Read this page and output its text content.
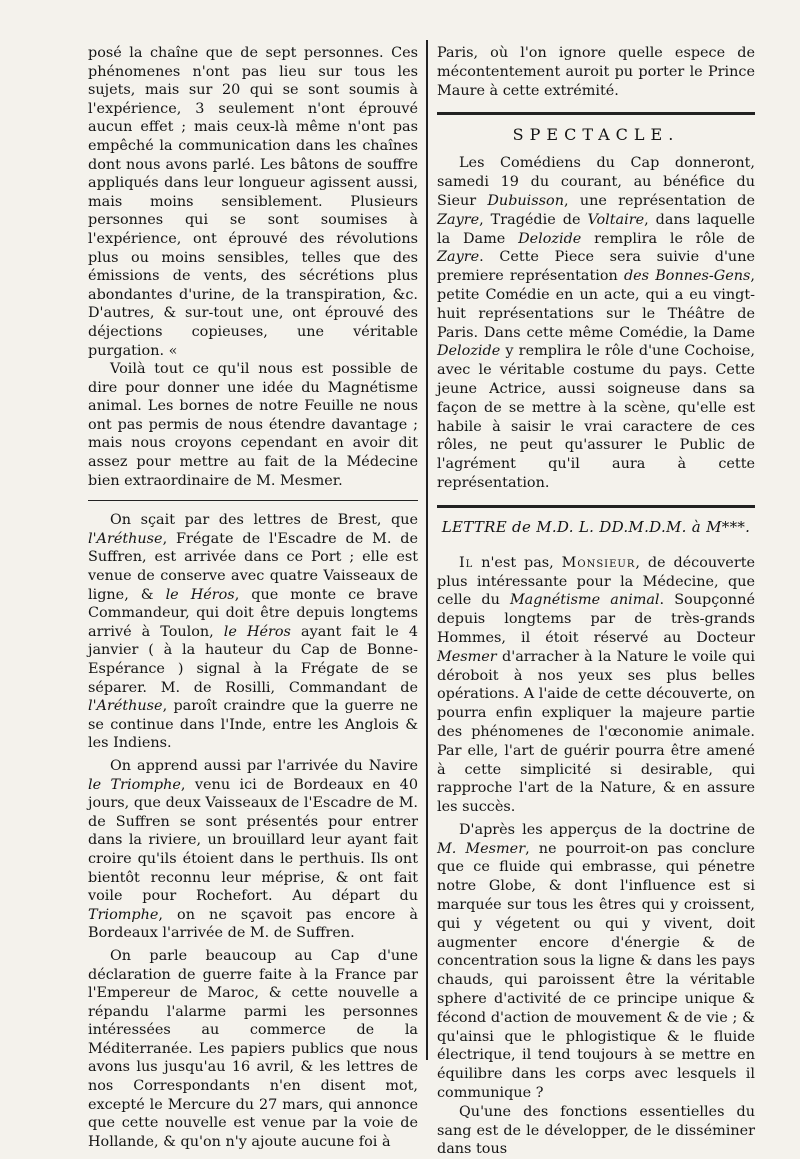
posé la chaîne que de sept personnes. Ces phénomenes n'ont pas lieu sur tous les sujets, mais sur 20 qui se sont soumis à l'expérience, 3 seulement n'ont éprouvé aucun effet ; mais ceux-là même n'ont pas empêché la communication dans les chaînes dont nous avons parlé. Les bâtons de souffre appliqués dans leur longueur agissent aussi, mais moins sensiblement. Plusieurs personnes qui se sont soumises à l'expérience, ont éprouvé des révolutions plus ou moins sensibles, telles que des émissions de vents, des sécrétions plus abondantes d'urine, de la transpiration, &c. D'autres, & sur-tout une, ont éprouvé des déjections copieuses, une véritable purgation. «

Voilà tout ce qu'il nous est possible de dire pour donner une idée du Magnétisme animal. Les bornes de notre Feuille ne nous ont pas permis de nous étendre davantage ; mais nous croyons cependant en avoir dit assez pour mettre au fait de la Médecine bien extraordinaire de M. Mesmer.

On sçait par des lettres de Brest, que l'Aréthuse, Frégate de l'Escadre de M. de Suffren, est arrivée dans ce Port ; elle est venue de conserve avec quatre Vaisseaux de ligne, & le Héros, que monte ce brave Commandeur, qui doit être depuis longtems arrivé à Toulon, le Héros ayant fait le 4 janvier ( à la hauteur du Cap de Bonne-Espérance ) signal à la Frégate de se séparer. M. de Rosilli, Commandant de l'Aréthuse, paroît craindre que la guerre ne se continue dans l'Inde, entre les Anglois & les Indiens.

On apprend aussi par l'arrivée du Navire le Triomphe, venu ici de Bordeaux en 40 jours, que deux Vaisseaux de l'Escadre de M. de Suffren se sont présentés pour entrer dans la riviere, un brouillard leur ayant fait croire qu'ils étoient dans le perthuis. Ils ont bientôt reconnu leur méprise, & ont fait voile pour Rochefort. Au départ du Triomphe, on ne sçavoit pas encore à Bordeaux l'arrivée de M. de Suffren.

On parle beaucoup au Cap d'une déclaration de guerre faite à la France par l'Empereur de Maroc, & cette nouvelle a répandu l'alarme parmi les personnes intéressées au commerce de la Méditerranée. Les papiers publics que nous avons lus jusqu'au 16 avril, & les lettres de nos Correspondants n'en disent mot, excepté le Mercure du 27 mars, qui annonce que cette nouvelle est venue par la voie de Hollande, & qu'on n'y ajoute aucune foi à

Paris, où l'on ignore quelle espece de mécontentement auroit pu porter le Prince Maure à cette extrémité.

SPECTACLE.

Les Comédiens du Cap donneront, samedi 19 du courant, au bénéfice du Sieur Dubuisson, une représentation de Zayre, Tragédie de Voltaire, dans laquelle la Dame Delozide remplira le rôle de Zayre. Cette Piece sera suivie d'une premiere représentation des Bonnes-Gens, petite Comédie en un acte, qui a eu vingt-huit représentations sur le Théâtre de Paris. Dans cette même Comédie, la Dame Delozide y remplira le rôle d'une Cochoise, avec le véritable costume du pays. Cette jeune Actrice, aussi soigneuse dans sa façon de se mettre à la scène, qu'elle est habile à saisir le vrai caractere de ces rôles, ne peut qu'assurer le Public de l'agrément qu'il aura à cette représentation.

LETTRE de M.D. L. DD.M.D.M. à M***.

Il n'est pas, Monsieur, de découverte plus intéressante pour la Médecine, que celle du Magnétisme animal. Soupçonné depuis longtems par de très-grands Hommes, il étoit réservé au Docteur Mesmer d'arracher à la Nature le voile qui déroboit à nos yeux ses plus belles opérations. A l'aide de cette découverte, on pourra enfin expliquer la majeure partie des phénomenes de l'œconomie animale. Par elle, l'art de guérir pourra être amené à cette simplicité si desirable, qui rapproche l'art de la Nature, & en assure les succès.

D'après les apperçus de la doctrine de M. Mesmer, ne pourroit-on pas conclure que ce fluide qui embrasse, qui pénetre notre Globe, & dont l'influence est si marquée sur tous les êtres qui y croissent, qui y végetent ou qui y vivent, doit augmenter encore d'énergie & de concentration sous la ligne & dans les pays chauds, qui paroissent être la véritable sphere d'activité de ce principe unique & fécond d'action de mouvement & de vie ; & qu'ainsi que le phlogistique & le fluide électrique, il tend toujours à se mettre en équilibre dans les corps avec lesquels il communique ?

Qu'une des fonctions essentielles du sang est de le développer, de le disséminer dans tous
